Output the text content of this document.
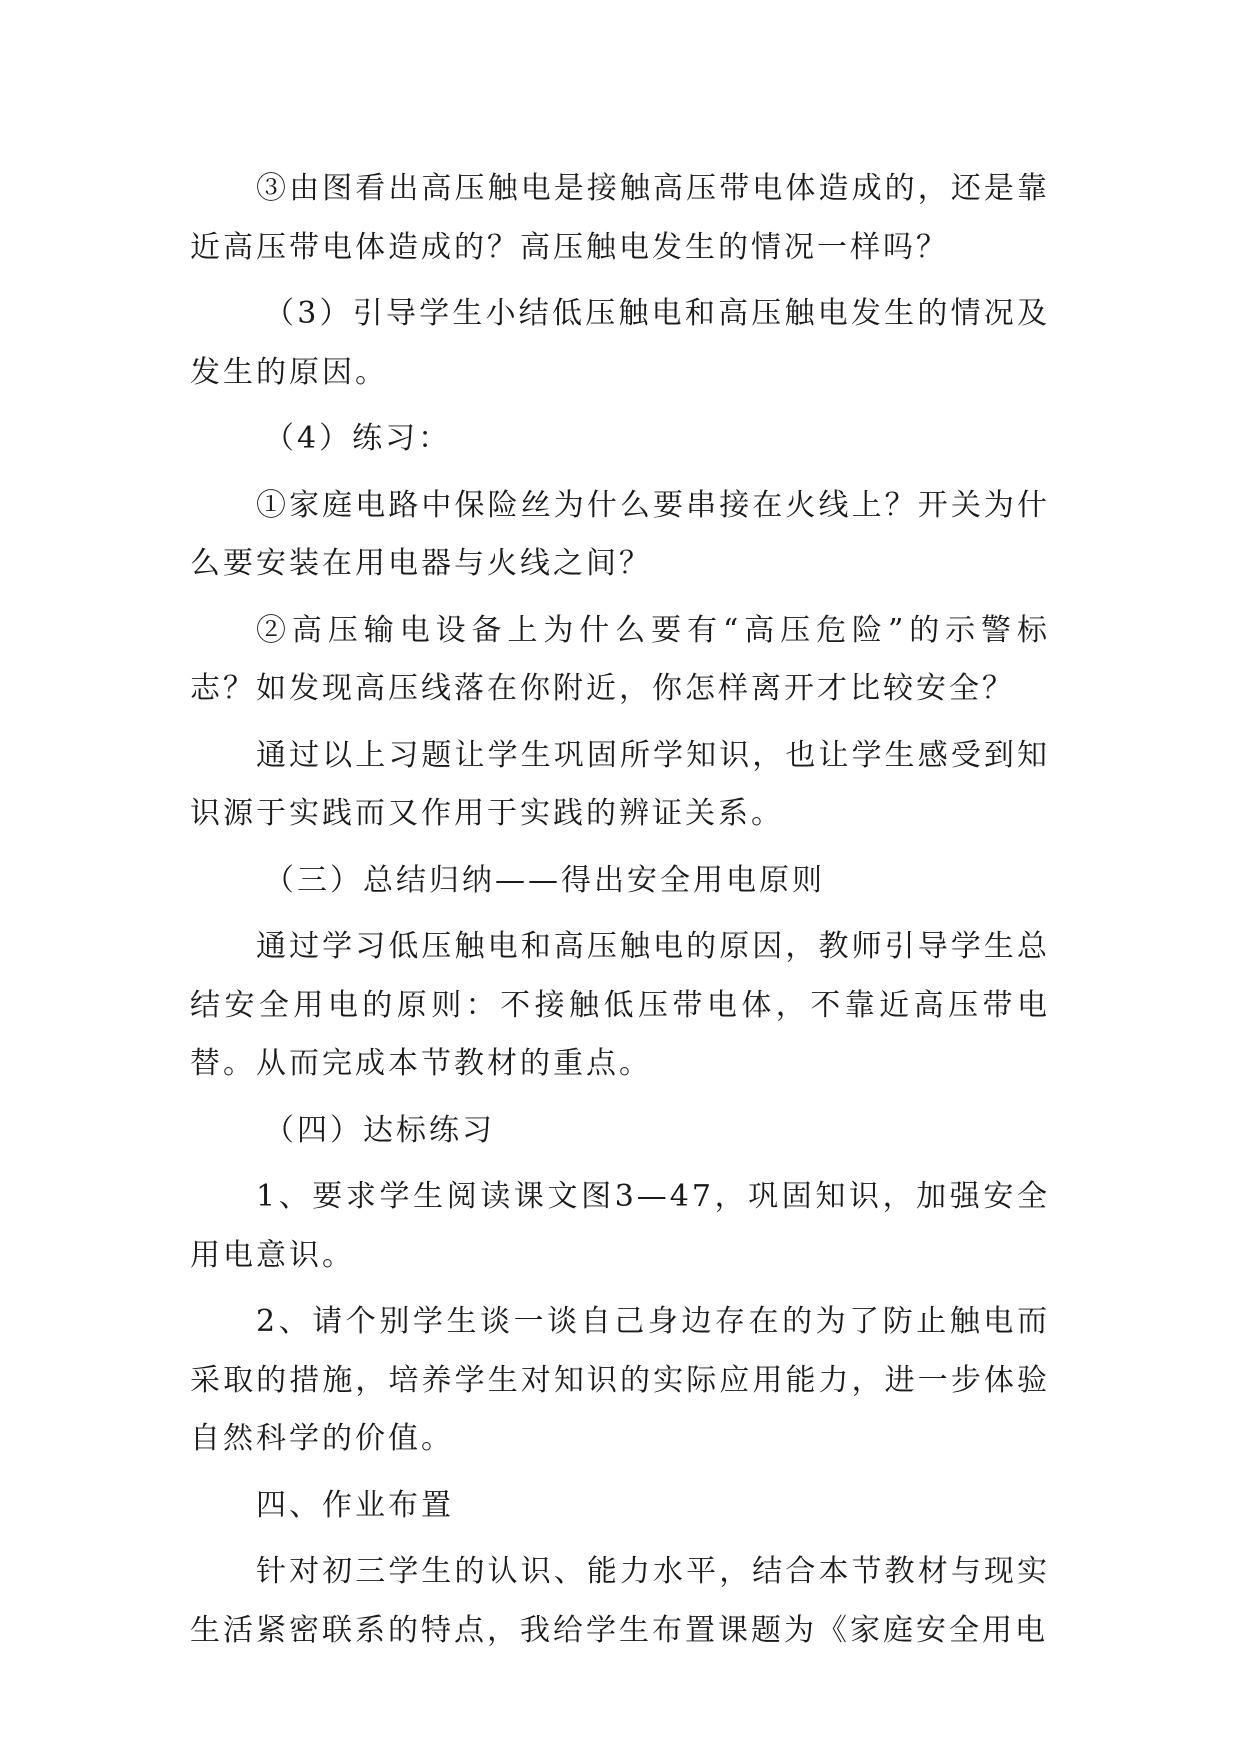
③由图看出高压触电是接触高压带电体造成的，还是靠近高压带电体造成的？高压触电发生的情况一样吗？

（3）引导学生小结低压触电和高压触电发生的情况及发生的原因。

（4）练习：

①家庭电路中保险丝为什么要串接在火线上？开关为什么要安装在用电器与火线之间？

②高压输电设备上为什么要有“高压危险”的示警标志？如发现高压线落在你附近，你怎样离开才比较安全？

通过以上习题让学生巩固所学知识，也让学生感受到知识源于实践而又作用于实践的辨证关系。

（三）总结归纳——得出安全用电原则

通过学习低压触电和高压触电的原因，教师引导学生总结安全用电的原则：不接触低压带电体，不靠近高压带电替。从而完成本节教材的重点。

（四）达标练习

1、要求学生阅读课文图3—47，巩固知识，加强安全用电意识。

2、请个别学生谈一谈自己身边存在的为了防止触电而采取的措施，培养学生对知识的实际应用能力，进一步体验自然科学的价值。

四、作业布置

针对初三学生的认识、能力水平，结合本节教材与现实生活紧密联系的特点，我给学生布置课题为《家庭安全用电
